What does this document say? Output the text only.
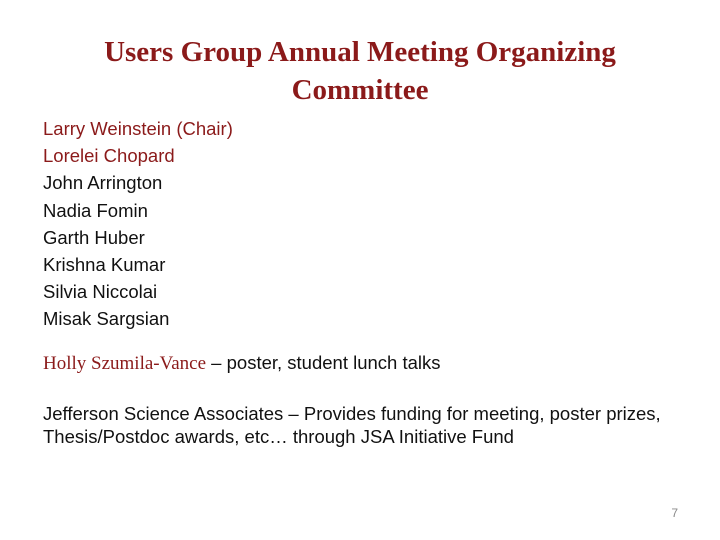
Users Group Annual Meeting Organizing Committee
Larry Weinstein (Chair)
Lorelei Chopard
John Arrington
Nadia Fomin
Garth Huber
Krishna Kumar
Silvia Niccolai
Misak Sargsian
Holly Szumila-Vance – poster, student lunch talks
Jefferson Science Associates – Provides funding for meeting, poster prizes, Thesis/Postdoc awards, etc… through JSA Initiative Fund
7
